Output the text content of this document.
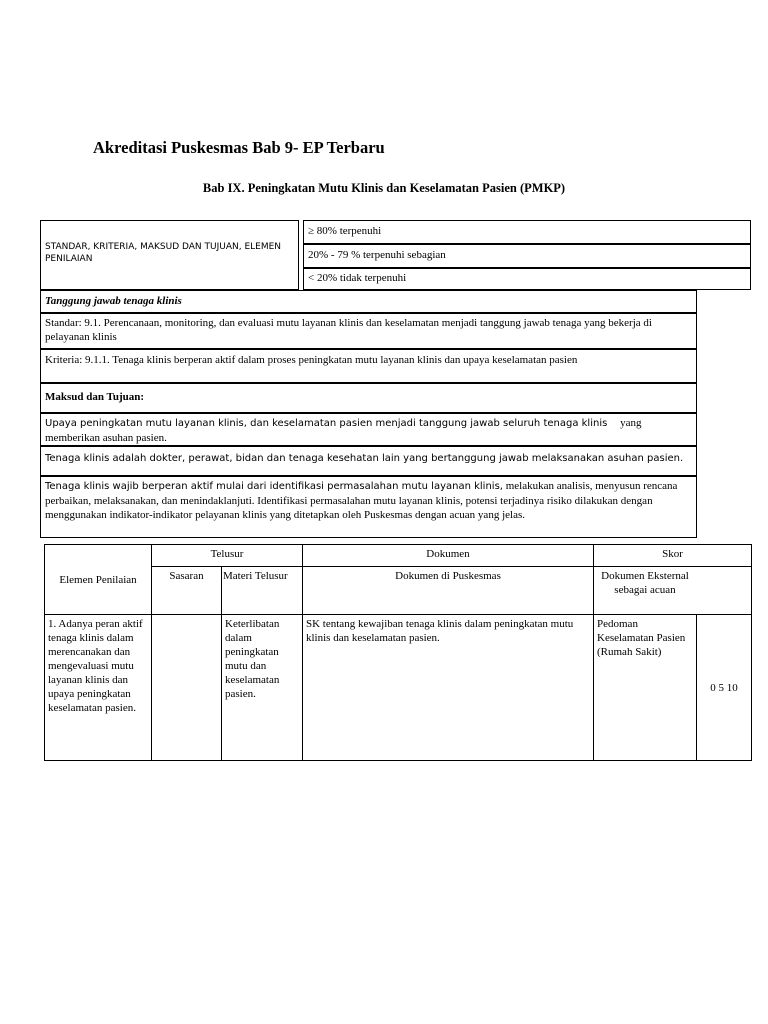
Akreditasi Puskesmas Bab 9- EP Terbaru
Bab IX. Peningkatan Mutu Klinis dan Keselamatan Pasien (PMKP)
STANDAR, KRITERIA, MAKSUD DAN TUJUAN, ELEMEN PENILAIAN
≥ 80% terpenuhi
20% - 79 % terpenuhi sebagian
< 20% tidak terpenuhi
Tanggung jawab tenaga klinis
Standar: 9.1. Perencanaan, monitoring, dan evaluasi mutu layanan klinis dan keselamatan menjadi tanggung jawab tenaga yang bekerja di pelayanan klinis
Kriteria: 9.1.1. Tenaga klinis berperan aktif dalam proses peningkatan mutu layanan klinis dan upaya keselamatan pasien
Maksud dan Tujuan:
Upaya peningkatan mutu layanan klinis, dan keselamatan pasien menjadi tanggung jawab seluruh tenaga klinis yang
memberikan asuhan pasien.
Tenaga klinis adalah dokter, perawat, bidan dan tenaga kesehatan lain yang bertanggung jawab melaksanakan asuhan pasien.
Tenaga klinis wajib berperan aktif mulai dari identifikasi permasalahan mutu layanan klinis, melakukan analisis, menyusun rencana perbaikan, melaksanakan, dan menindaklanjuti. Identifikasi permasalahan mutu layanan klinis, potensi terjadinya risiko dilakukan dengan menggunakan indikator-indikator pelayanan klinis yang ditetapkan oleh Puskesmas dengan acuan yang jelas.
Elemen Penilaian	Telusur		Dokumen	Skor	
	Sasaran	Materi Telusur	Dokumen di Puskesmas	Dokumen Eksternal sebagai acuan	
1. Adanya peran aktif tenaga klinis dalam merencanakan dan mengevaluasi mutu layanan klinis dan upaya peningkatan keselamatan pasien.		Keterlibatan dalam peningkatan mutu dan keselamatan pasien.	SK tentang kewajiban tenaga klinis dalam peningkatan mutu klinis dan keselamatan pasien.	Pedoman Keselamatan Pasien (Rumah Sakit)	0 5 10
